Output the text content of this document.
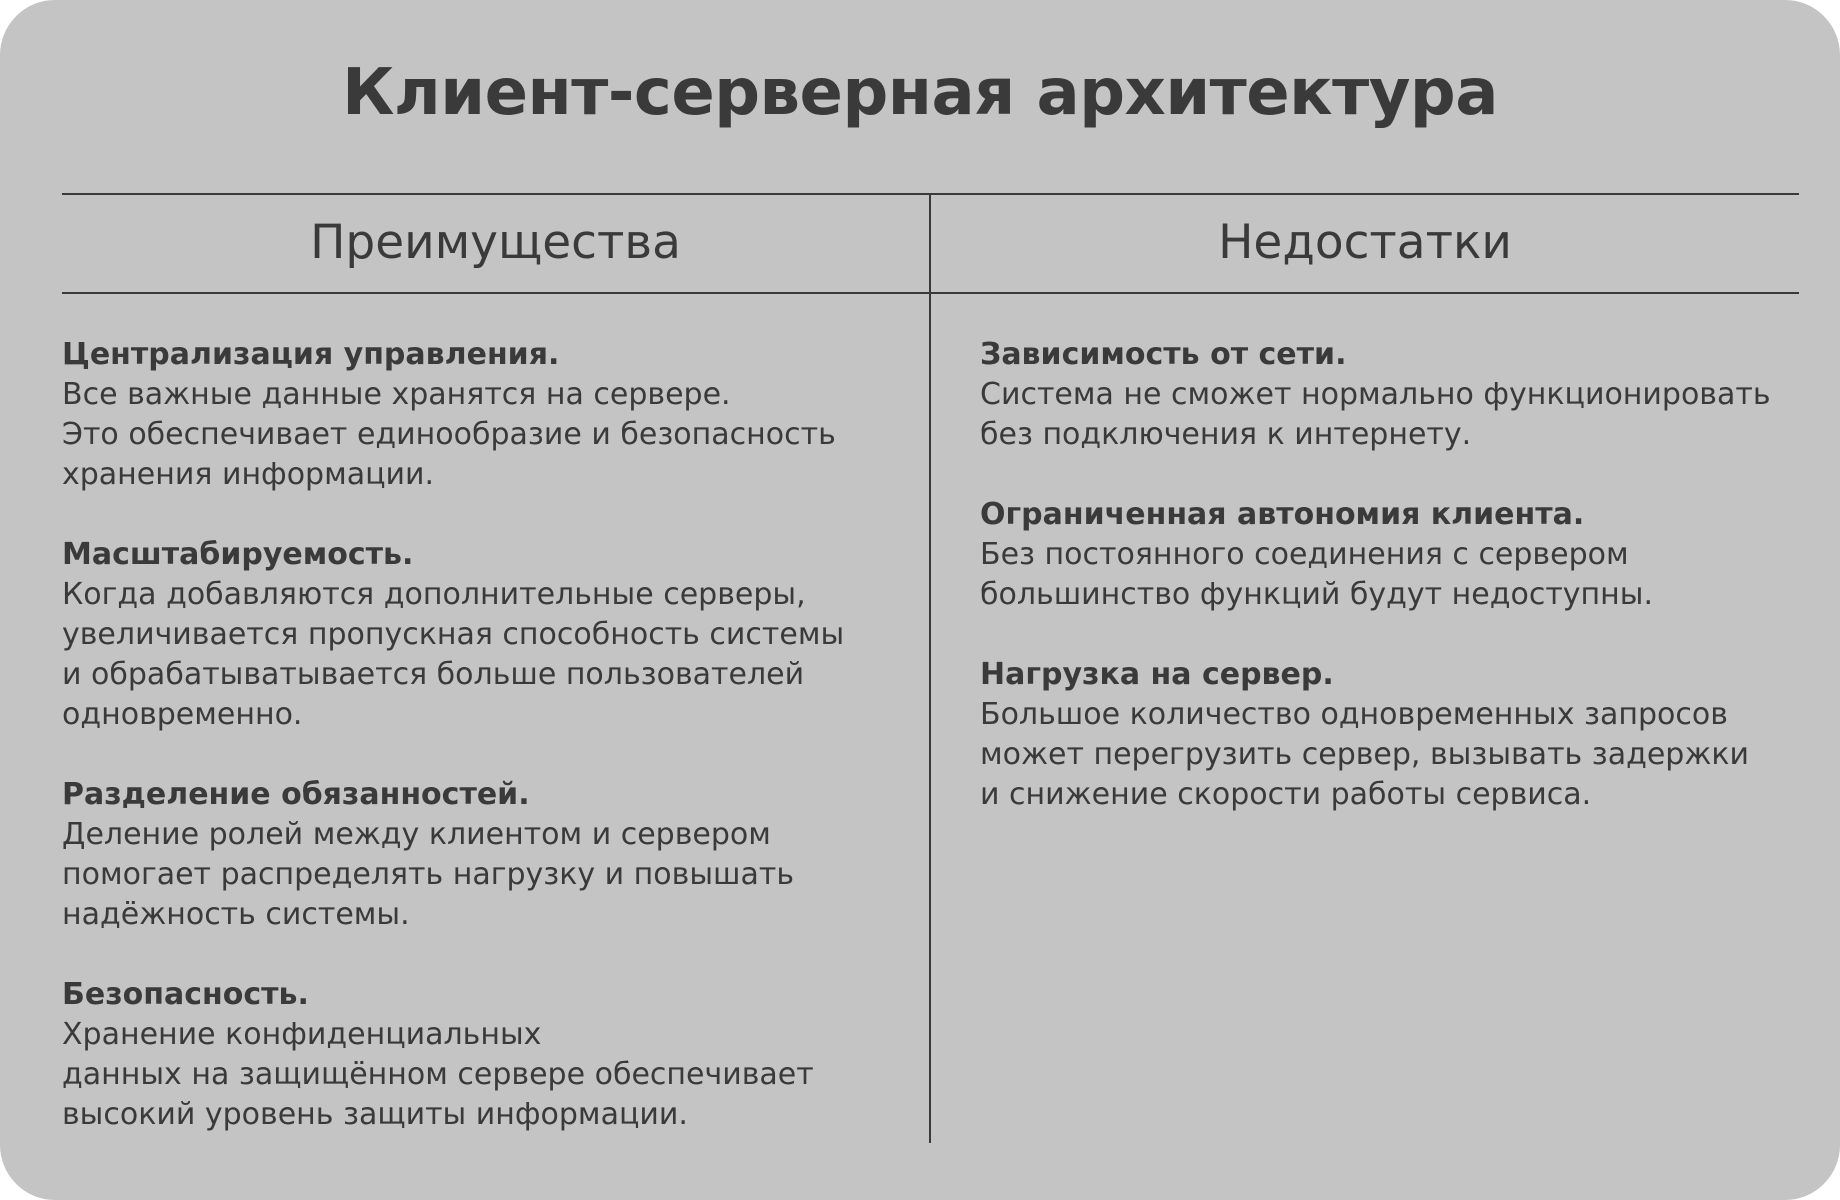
Клиент-серверная архитектура
Преимущества	Недостатки
Централизация управления.
Все важные данные хранятся на сервере.
Это обеспечивает единообразие и безопасность
хранения информации.
Масштабируемость.
Когда добавляются дополнительные серверы,
увеличивается пропускная способность системы
и обрабатыватывается больше пользователей
одновременно.
Разделение обязанностей.
Деление ролей между клиентом и сервером
помогает распределять нагрузку и повышать
надёжность системы.
Безопасность.
Хранение конфиденциальных
данных на защищённом сервере обеспечивает
высокий уровень защиты информации.
Зависимость от сети.
Система не сможет нормально функционировать
без подключения к интернету.
Ограниченная автономия клиента.
Без постоянного соединения с сервером
большинство функций будут недоступны.
Нагрузка на сервер.
Большое количество одновременных запросов
может перегрузить сервер, вызывать задержки
и снижение скорости работы сервиса.
